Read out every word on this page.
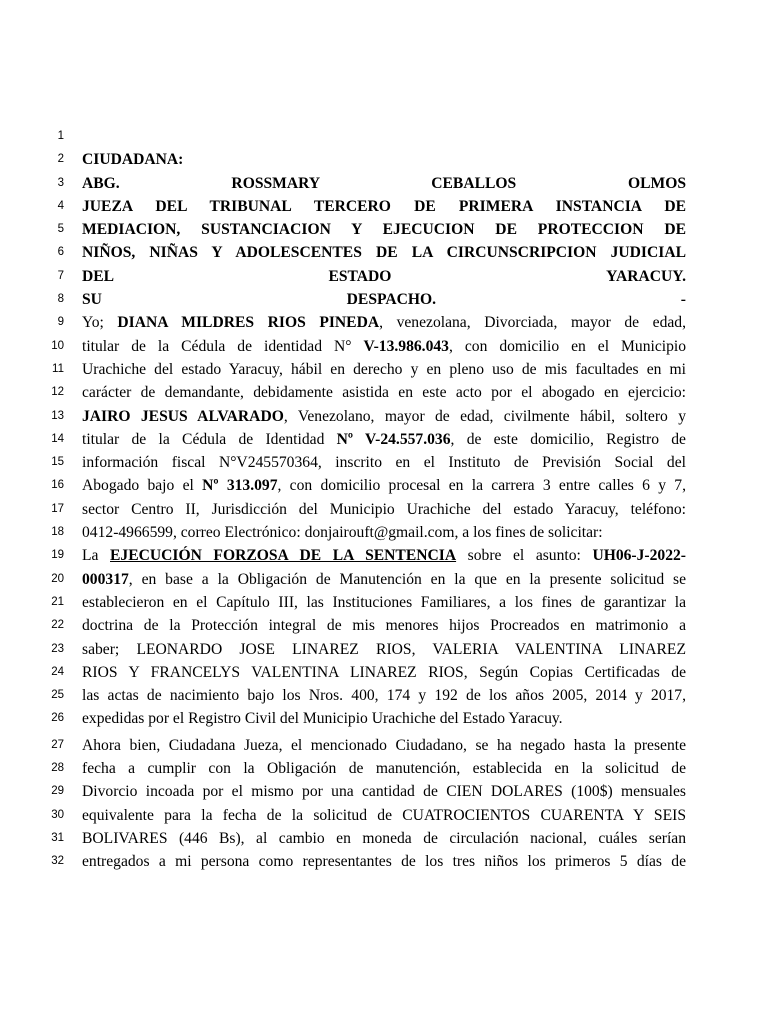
1
2 CIUDADANA:
3 ABG. ROSSMARY CEBALLOS OLMOS
4 JUEZA DEL TRIBUNAL TERCERO DE PRIMERA INSTANCIA DE
5 MEDIACION, SUSTANCIACION Y EJECUCION DE PROTECCION DE
6 NIÑOS, NIÑAS Y ADOLESCENTES DE LA CIRCUNSCRIPCION JUDICIAL
7 DEL ESTADO YARACUY.
8 SU DESPACHO. -
9 Yo; DIANA MILDRES RIOS PINEDA, venezolana, Divorciada, mayor de edad,
10 titular de la Cédula de identidad N° V-13.986.043, con domicilio en el Municipio
11 Urachiche del estado Yaracuy, hábil en derecho y en pleno uso de mis facultades en mi
12 carácter de demandante, debidamente asistida en este acto por el abogado en ejercicio:
13 JAIRO JESUS ALVARADO, Venezolano, mayor de edad, civilmente hábil, soltero y
14 titular de la Cédula de Identidad Nº V-24.557.036, de este domicilio, Registro de
15 información fiscal N°V245570364, inscrito en el Instituto de Previsión Social del
16 Abogado bajo el Nº 313.097, con domicilio procesal en la carrera 3 entre calles 6 y 7,
17 sector Centro II, Jurisdicción del Municipio Urachiche del estado Yaracuy, teléfono:
18 0412-4966599, correo Electrónico: donjairouft@gmail.com, a los fines de solicitar:
19 La EJECUCIÓN FORZOSA DE LA SENTENCIA sobre el asunto: UH06-J-2022-
20 000317, en base a la Obligación de Manutención en la que en la presente solicitud se
21 establecieron en el Capítulo III, las Instituciones Familiares, a los fines de garantizar la
22 doctrina de la Protección integral de mis menores hijos Procreados en matrimonio a
23 saber; LEONARDO JOSE LINAREZ RIOS, VALERIA VALENTINA LINAREZ
24 RIOS Y FRANCELYS VALENTINA LINAREZ RIOS, Según Copias Certificadas de
25 las actas de nacimiento bajo los Nros. 400, 174 y 192 de los años 2005, 2014 y 2017,
26 expedidas por el Registro Civil del Municipio Urachiche del Estado Yaracuy.
27 Ahora bien, Ciudadana Jueza, el mencionado Ciudadano, se ha negado hasta la presente
28 fecha a cumplir con la Obligación de manutención, establecida en la solicitud de
29 Divorcio incoada por el mismo por una cantidad de CIEN DOLARES (100$) mensuales
30 equivalente para la fecha de la solicitud de CUATROCIENTOS CUARENTA Y SEIS
31 BOLIVARES (446 Bs), al cambio en moneda de circulación nacional, cuáles serían
32 entregados a mi persona como representantes de los tres niños los primeros 5 días de
